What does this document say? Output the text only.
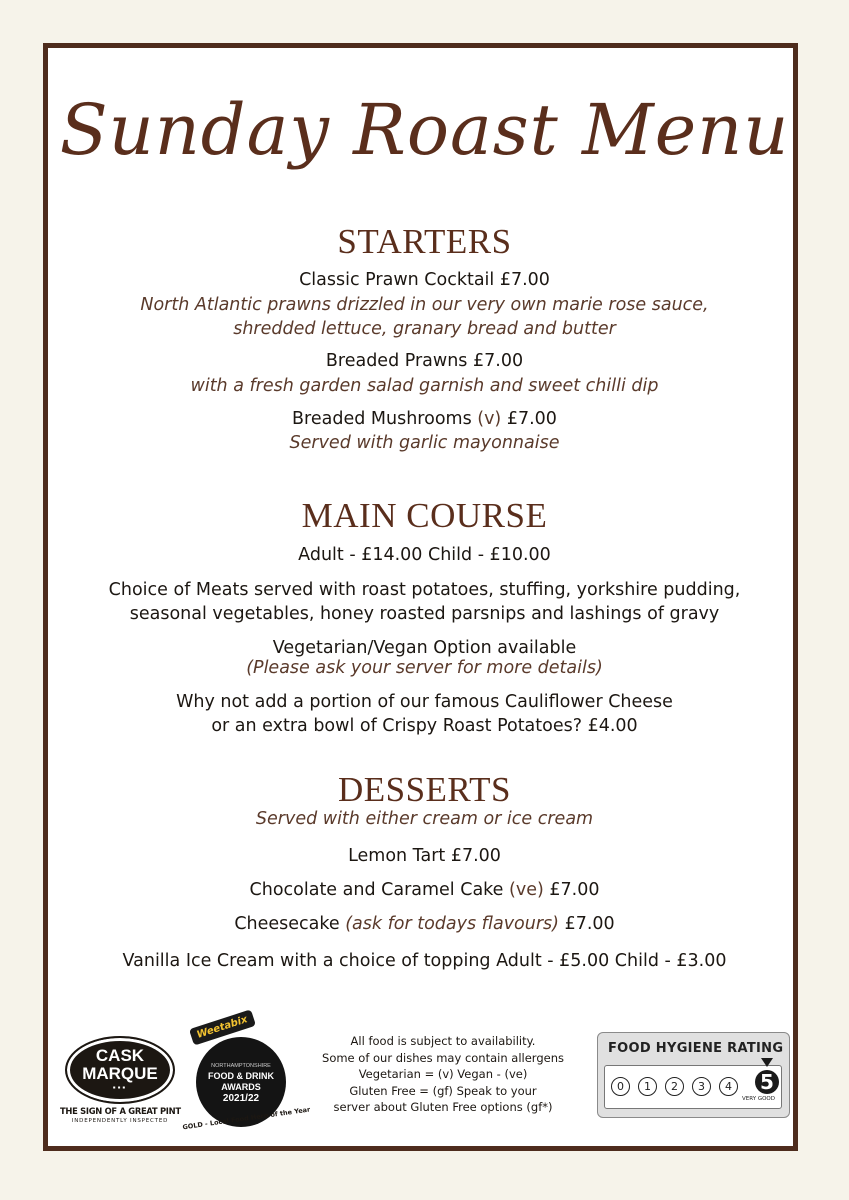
Sunday Roast Menu
STARTERS
Classic Prawn Cocktail £7.00
North Atlantic prawns drizzled in our very own marie rose sauce,
shredded lettuce, granary bread and butter
Breaded Prawns £7.00
with a fresh garden salad garnish and sweet chilli dip
Breaded Mushrooms (v) £7.00
Served with garlic mayonnaise
MAIN COURSE
Adult - £14.00 Child - £10.00
Choice of Meats served with roast potatoes, stuffing, yorkshire pudding,
seasonal vegetables, honey roasted parsnips and lashings of gravy
Vegetarian/Vegan Option available
(Please ask your server for more details)
Why not add a portion of our famous Cauliflower Cheese
or an extra bowl of Crispy Roast Potatoes? £4.00
DESSERTS
Served with either cream or ice cream
Lemon Tart £7.00
Chocolate and Caramel Cake (ve) £7.00
Cheesecake (ask for todays flavours) £7.00
Vanilla Ice Cream with a choice of topping Adult - £5.00 Child - £3.00
CASK
MARQUE
▪▪▪
THE SIGN OF A GREAT PINT
INDEPENDENTLY INSPECTED
NORTHAMPTONSHIRE
FOOD & DRINK
AWARDS
2021/22
Weetabix
GOLD - Local Food Hero of the Year
All food is subject to availability.
Some of our dishes may contain allergens
Vegetarian = (v) Vegan - (ve)
Gluten Free = (gf) Speak to your
server about Gluten Free options (gf*)
FOOD HYGIENE RATING
0	1	2	3	4	5
VERY GOOD
